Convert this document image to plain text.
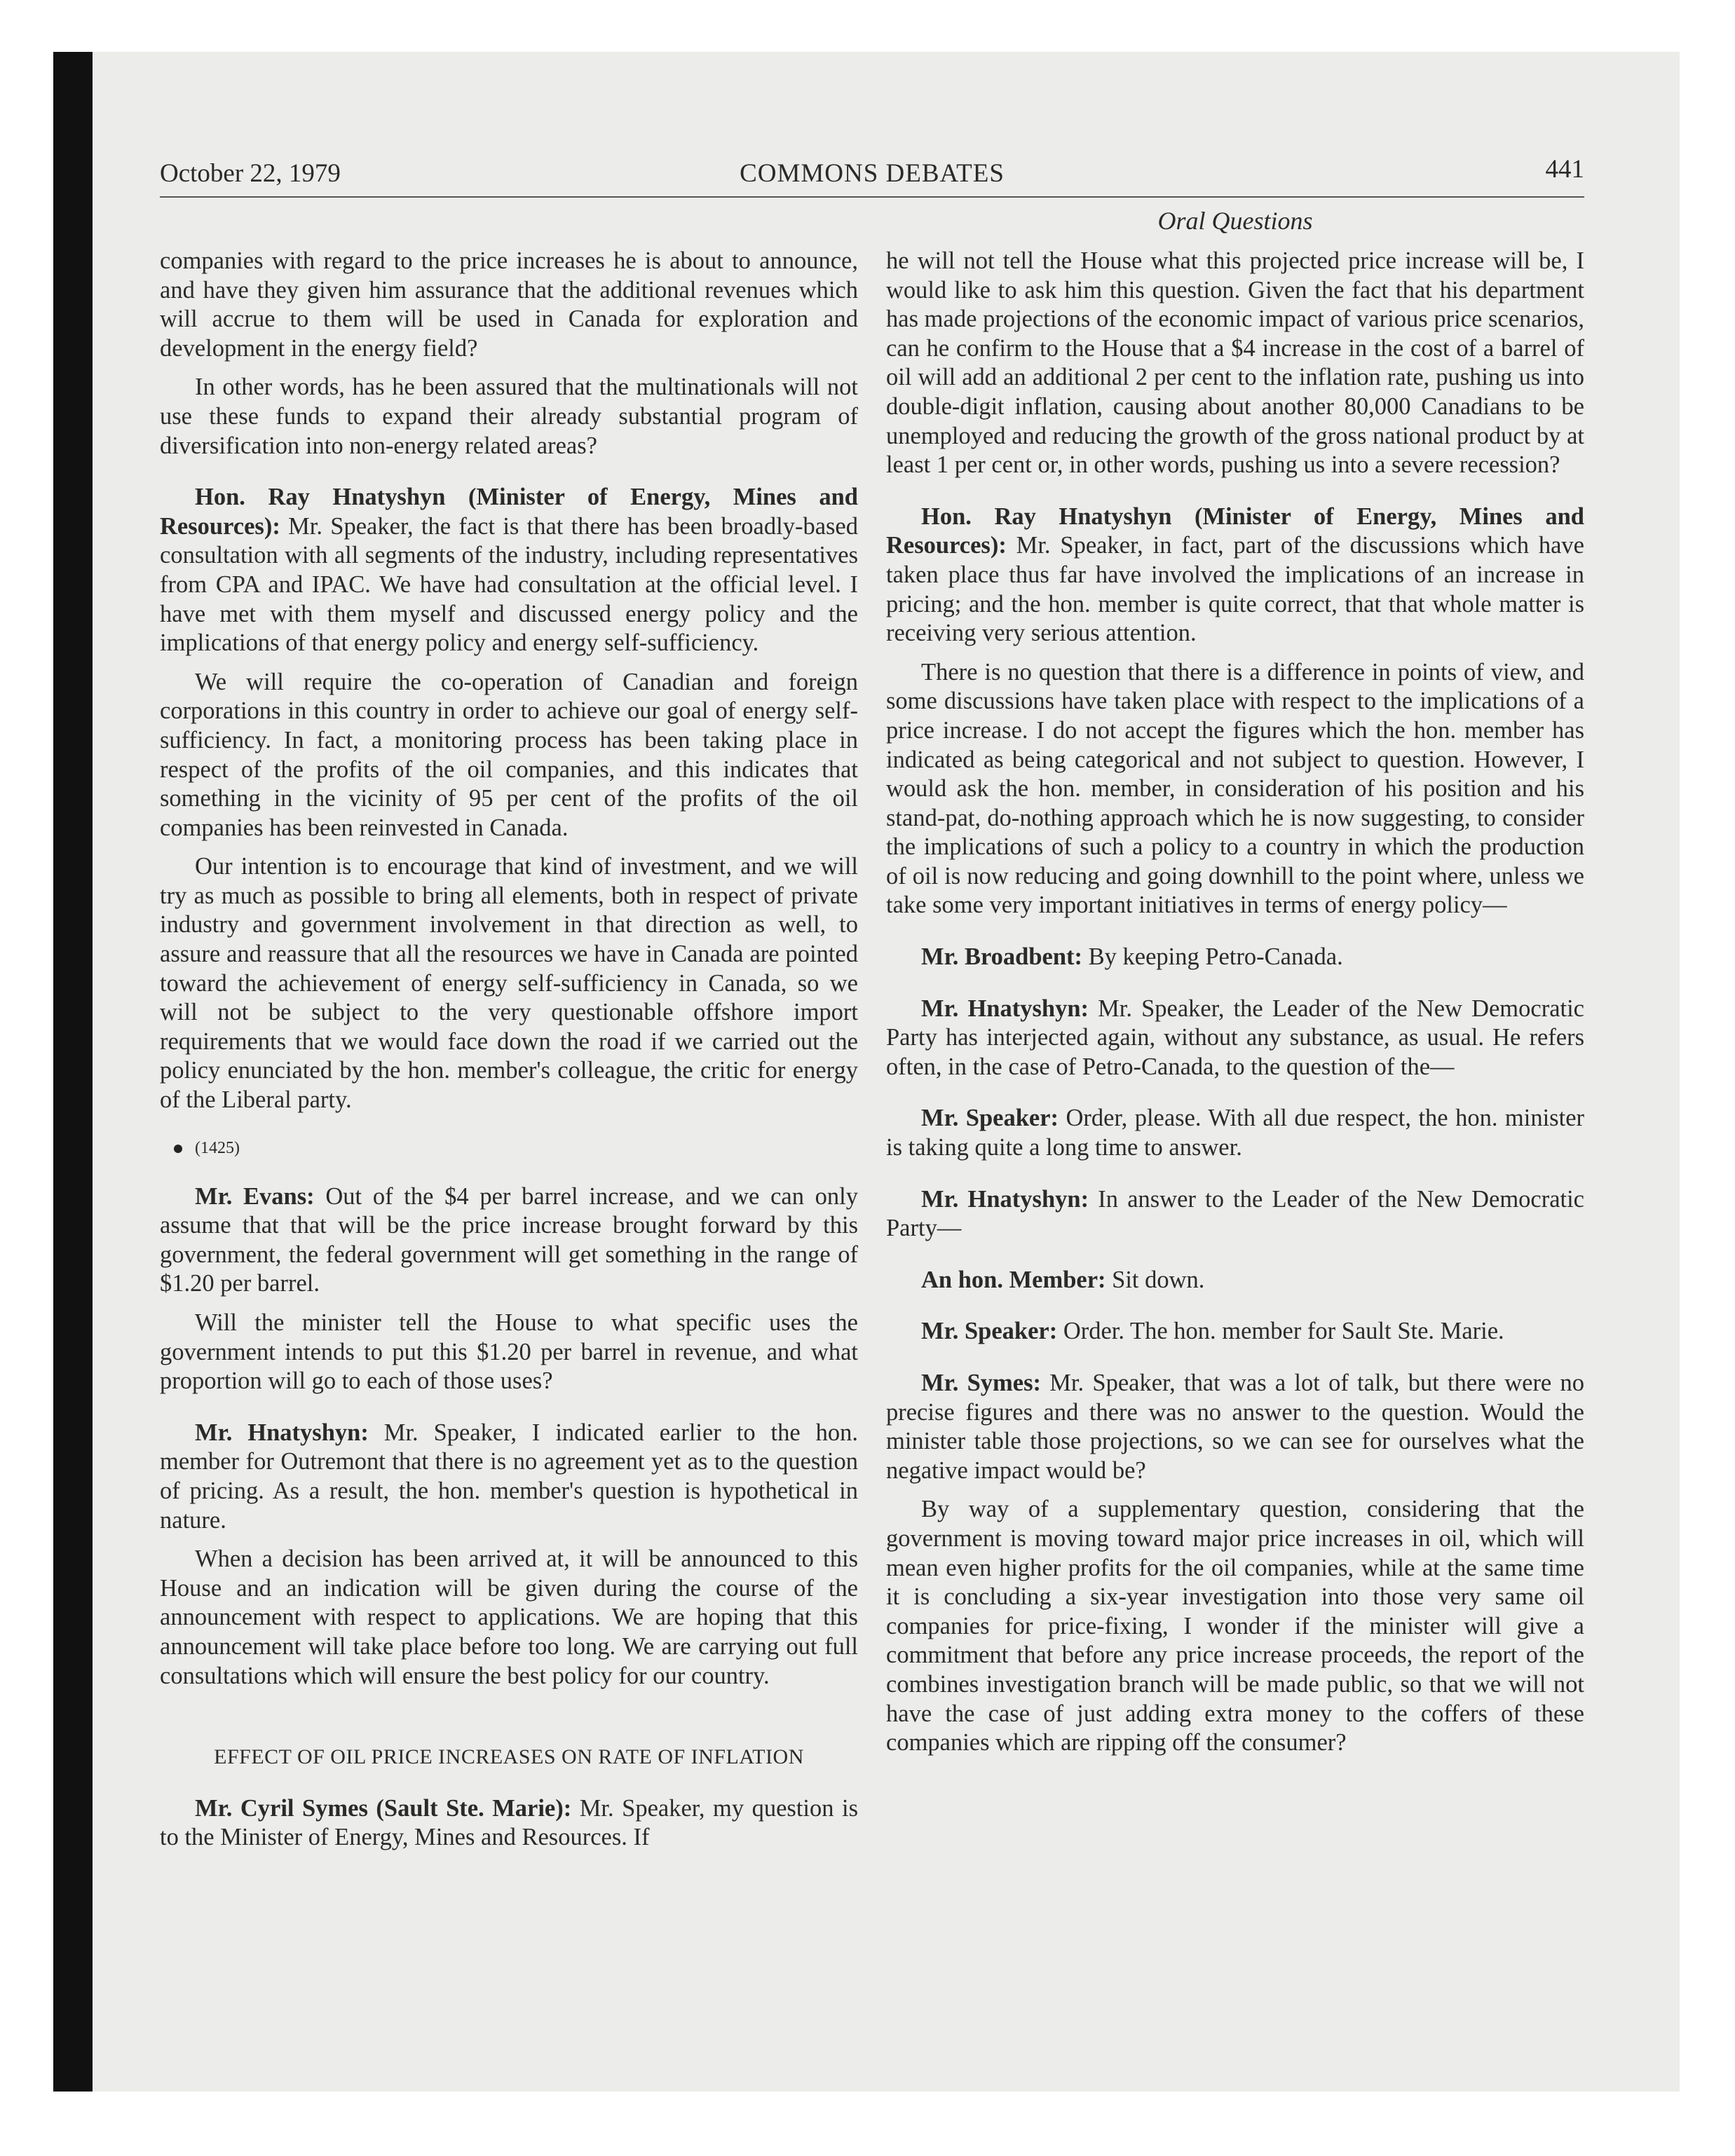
October 22, 1979	COMMONS DEBATES	441
Oral Questions

companies with regard to the price increases he is about to announce, and have they given him assurance that the additional revenues which will accrue to them will be used in Canada for exploration and development in the energy field?

In other words, has he been assured that the multinationals will not use these funds to expand their already substantial program of diversification into non-energy related areas?

Hon. Ray Hnatyshyn (Minister of Energy, Mines and Resources): Mr. Speaker, the fact is that there has been broadly-based consultation with all segments of the industry, including representatives from CPA and IPAC. We have had consultation at the official level. I have met with them myself and discussed energy policy and the implications of that energy policy and energy self-sufficiency.

We will require the co-operation of Canadian and foreign corporations in this country in order to achieve our goal of energy self-sufficiency. In fact, a monitoring process has been taking place in respect of the profits of the oil companies, and this indicates that something in the vicinity of 95 per cent of the profits of the oil companies has been reinvested in Canada.

Our intention is to encourage that kind of investment, and we will try as much as possible to bring all elements, both in respect of private industry and government involvement in that direction as well, to assure and reassure that all the resources we have in Canada are pointed toward the achievement of energy self-sufficiency in Canada, so we will not be subject to the very questionable offshore import requirements that we would face down the road if we carried out the policy enunciated by the hon. member's colleague, the critic for energy of the Liberal party.

(1425)

Mr. Evans: Out of the $4 per barrel increase, and we can only assume that that will be the price increase brought forward by this government, the federal government will get something in the range of $1.20 per barrel.

Will the minister tell the House to what specific uses the government intends to put this $1.20 per barrel in revenue, and what proportion will go to each of those uses?

Mr. Hnatyshyn: Mr. Speaker, I indicated earlier to the hon. member for Outremont that there is no agreement yet as to the question of pricing. As a result, the hon. member's question is hypothetical in nature.

When a decision has been arrived at, it will be announced to this House and an indication will be given during the course of the announcement with respect to applications. We are hoping that this announcement will take place before too long. We are carrying out full consultations which will ensure the best policy for our country.

EFFECT OF OIL PRICE INCREASES ON RATE OF INFLATION

Mr. Cyril Symes (Sault Ste. Marie): Mr. Speaker, my question is to the Minister of Energy, Mines and Resources. If

he will not tell the House what this projected price increase will be, I would like to ask him this question. Given the fact that his department has made projections of the economic impact of various price scenarios, can he confirm to the House that a $4 increase in the cost of a barrel of oil will add an additional 2 per cent to the inflation rate, pushing us into double-digit inflation, causing about another 80,000 Canadians to be unemployed and reducing the growth of the gross national product by at least 1 per cent or, in other words, pushing us into a severe recession?

Hon. Ray Hnatyshyn (Minister of Energy, Mines and Resources): Mr. Speaker, in fact, part of the discussions which have taken place thus far have involved the implications of an increase in pricing; and the hon. member is quite correct, that that whole matter is receiving very serious attention.

There is no question that there is a difference in points of view, and some discussions have taken place with respect to the implications of a price increase. I do not accept the figures which the hon. member has indicated as being categorical and not subject to question. However, I would ask the hon. member, in consideration of his position and his stand-pat, do-nothing approach which he is now suggesting, to consider the implications of such a policy to a country in which the production of oil is now reducing and going downhill to the point where, unless we take some very important initiatives in terms of energy policy—

Mr. Broadbent: By keeping Petro-Canada.

Mr. Hnatyshyn: Mr. Speaker, the Leader of the New Democratic Party has interjected again, without any substance, as usual. He refers often, in the case of Petro-Canada, to the question of the—

Mr. Speaker: Order, please. With all due respect, the hon. minister is taking quite a long time to answer.

Mr. Hnatyshyn: In answer to the Leader of the New Democratic Party—

An hon. Member: Sit down.

Mr. Speaker: Order. The hon. member for Sault Ste. Marie.

Mr. Symes: Mr. Speaker, that was a lot of talk, but there were no precise figures and there was no answer to the question. Would the minister table those projections, so we can see for ourselves what the negative impact would be?

By way of a supplementary question, considering that the government is moving toward major price increases in oil, which will mean even higher profits for the oil companies, while at the same time it is concluding a six-year investigation into those very same oil companies for price-fixing, I wonder if the minister will give a commitment that before any price increase proceeds, the report of the combines investigation branch will be made public, so that we will not have the case of just adding extra money to the coffers of these companies which are ripping off the consumer?
